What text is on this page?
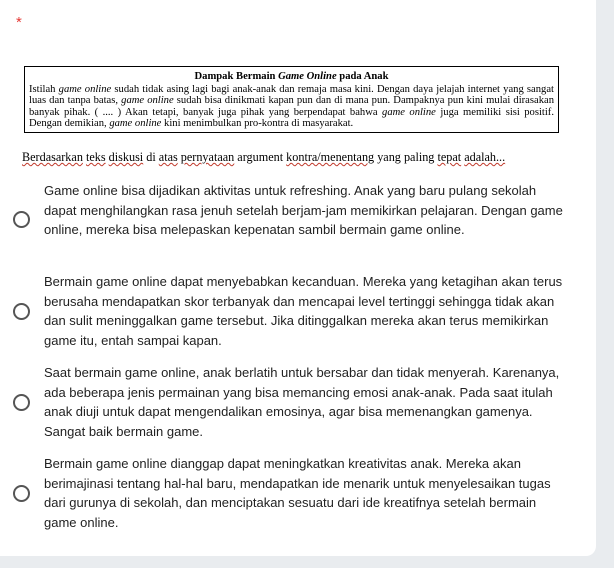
*
Dampak Bermain Game Online pada Anak

Istilah game online sudah tidak asing lagi bagi anak-anak dan remaja masa kini. Dengan daya jelajah internet yang sangat luas dan tanpa batas, game online sudah bisa dinikmati kapan pun dan di mana pun. Dampaknya pun kini mulai dirasakan banyak pihak. ( .... ) Akan tetapi, banyak juga pihak yang berpendapat bahwa game online juga memiliki sisi positif. Dengan demikian, game online kini menimbulkan pro-kontra di masyarakat.

Berdasarkan teks diskusi di atas pernyataan argument kontra/menentang yang paling tepat adalah...
Game online bisa dijadikan aktivitas untuk refreshing. Anak yang baru pulang sekolah dapat menghilangkan rasa jenuh setelah berjam-jam memikirkan pelajaran. Dengan game online, mereka bisa melepaskan kepenatan sambil bermain game online.
Bermain game online dapat menyebabkan kecanduan. Mereka yang ketagihan akan terus berusaha mendapatkan skor terbanyak dan mencapai level tertinggi sehingga tidak akan dan sulit meninggalkan game tersebut. Jika ditinggalkan mereka akan terus memikirkan game itu, entah sampai kapan.
Saat bermain game online, anak berlatih untuk bersabar dan tidak menyerah. Karenanya, ada beberapa jenis permainan yang bisa memancing emosi anak-anak. Pada saat itulah anak diuji untuk dapat mengendalikan emosinya, agar bisa memenangkan gamenya. Sangat baik bermain game.
Bermain game online dianggap dapat meningkatkan kreativitas anak. Mereka akan berimajinasi tentang hal-hal baru, mendapatkan ide menarik untuk menyelesaikan tugas dari gurunya di sekolah, dan menciptakan sesuatu dari ide kreatifnya setelah bermain game online.
